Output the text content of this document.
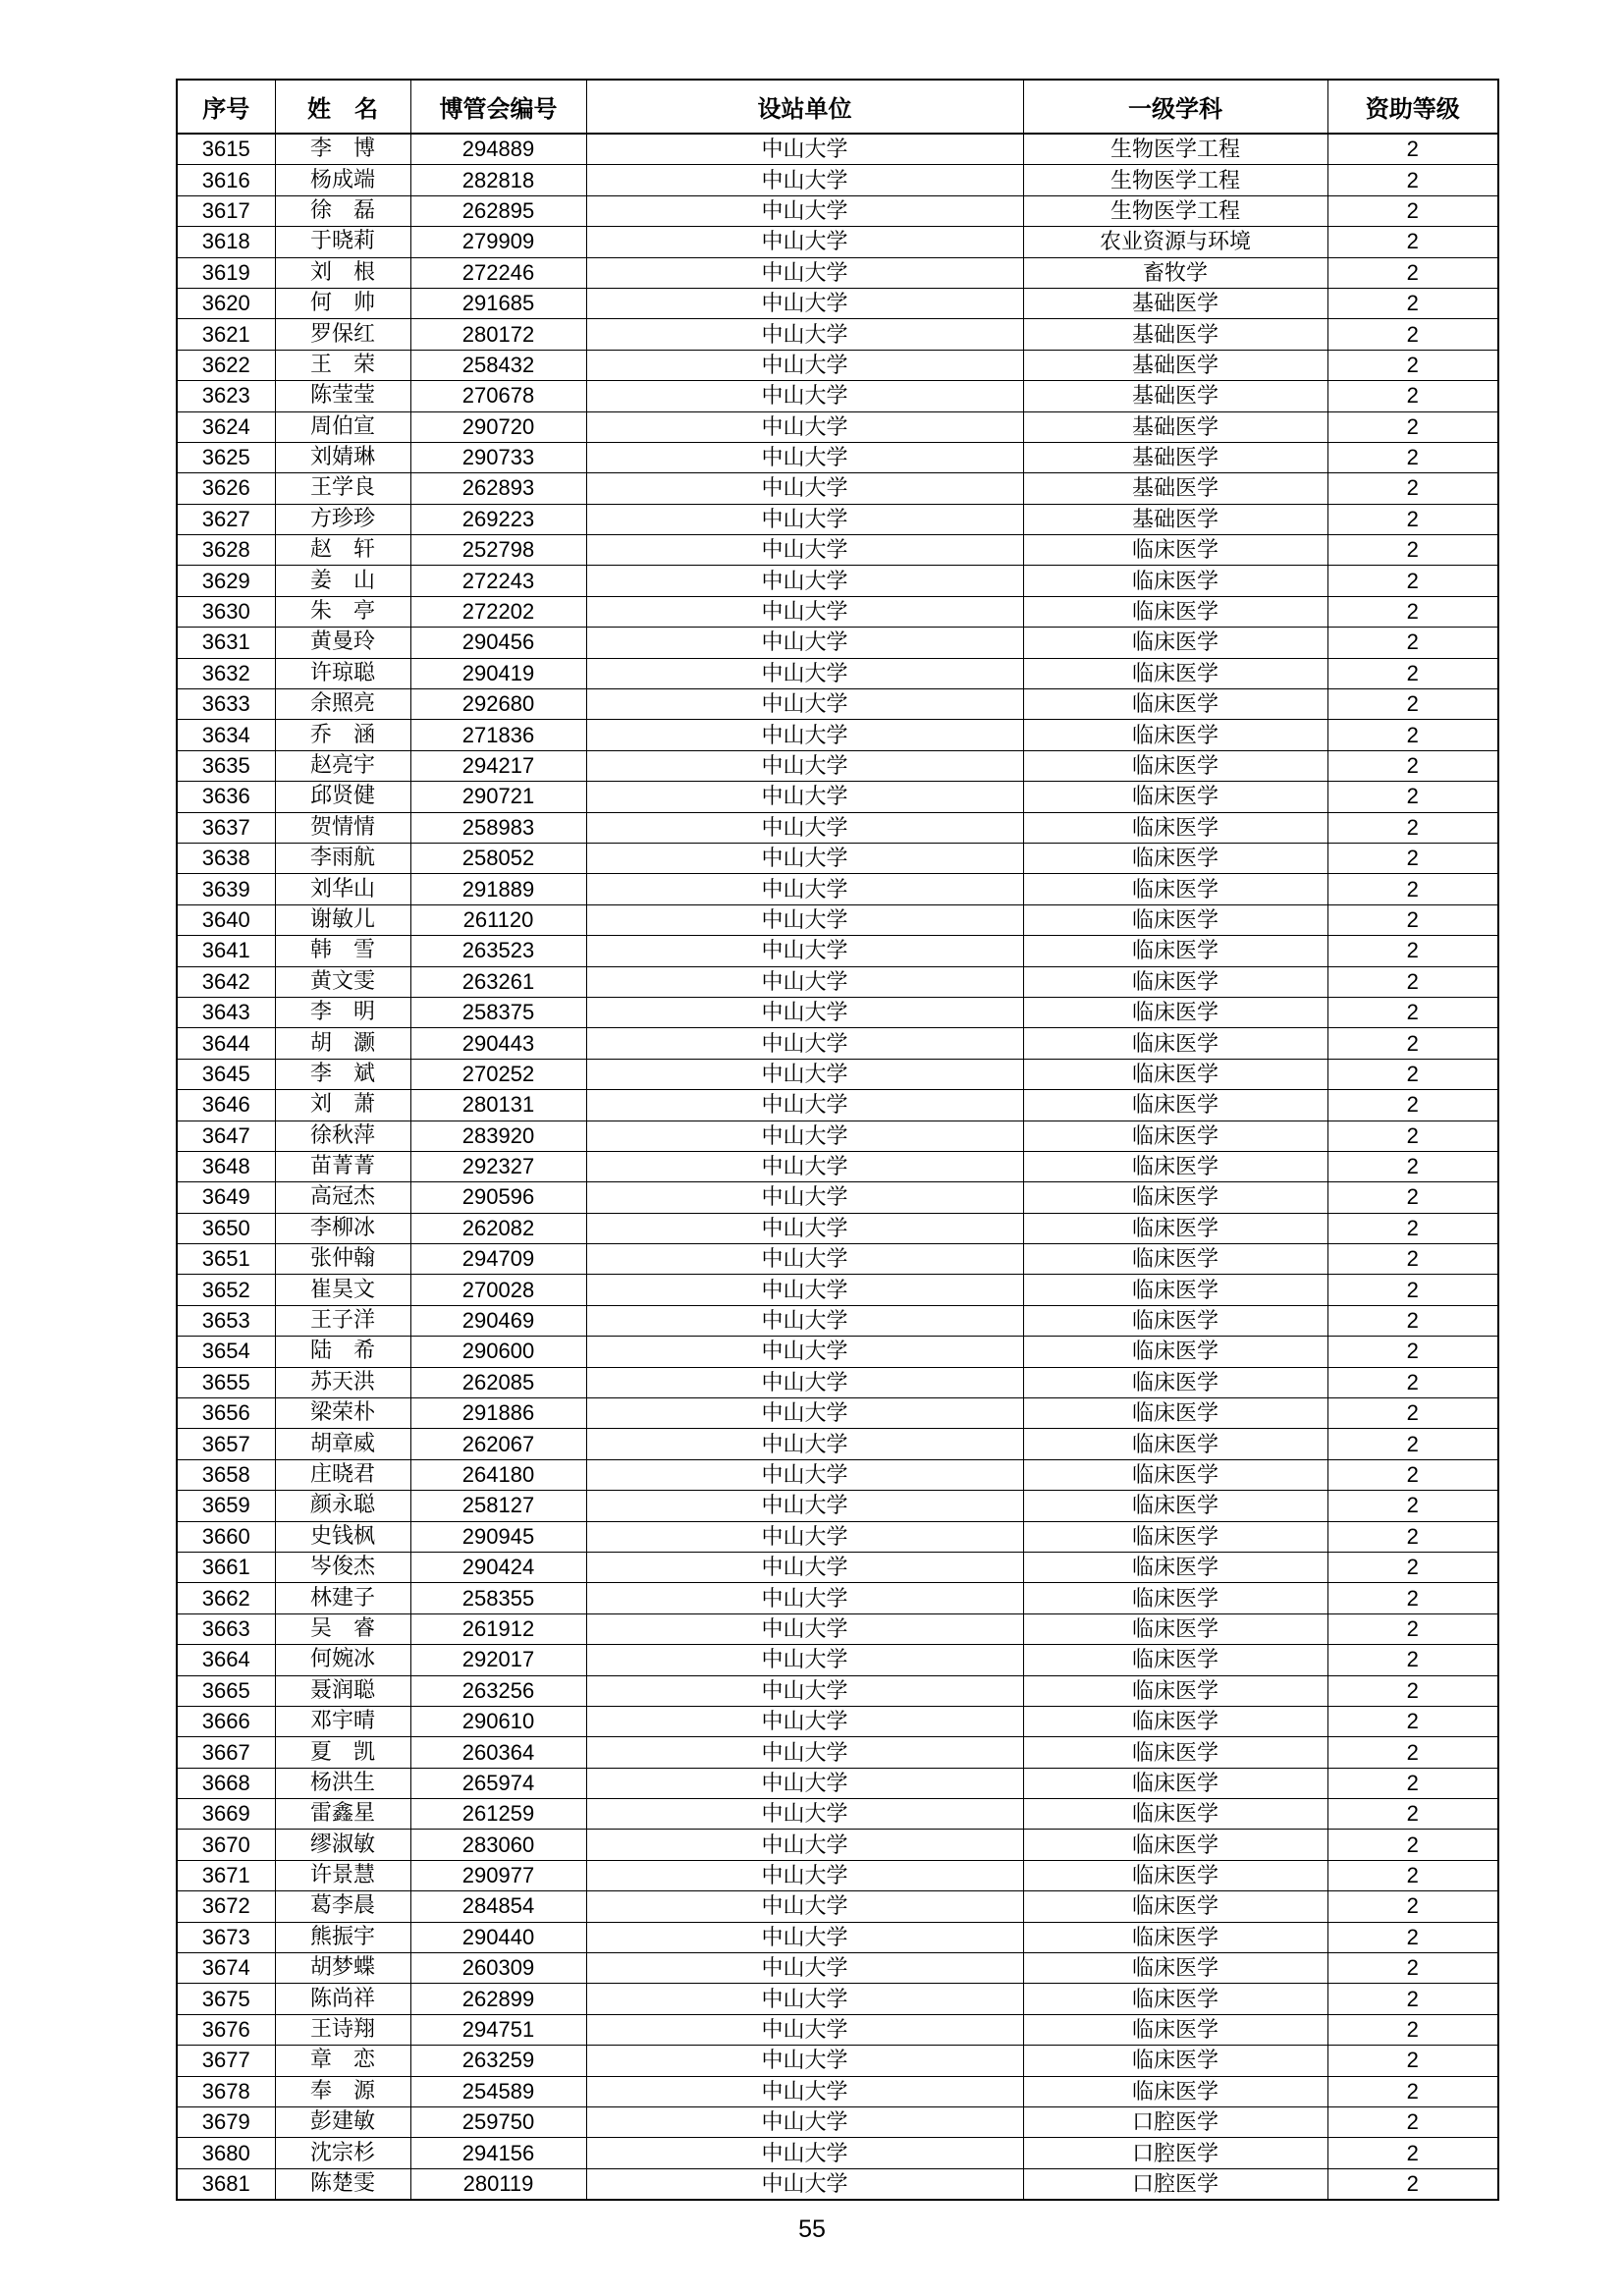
序号	姓　名	博管会编号	设站单位	一级学科	资助等级
3615	李　博	294889	中山大学	生物医学工程	2
3616	杨成端	282818	中山大学	生物医学工程	2
3617	徐　磊	262895	中山大学	生物医学工程	2
3618	于晓莉	279909	中山大学	农业资源与环境	2
3619	刘　根	272246	中山大学	畜牧学	2
3620	何　帅	291685	中山大学	基础医学	2
3621	罗保红	280172	中山大学	基础医学	2
3622	王　荣	258432	中山大学	基础医学	2
3623	陈莹莹	270678	中山大学	基础医学	2
3624	周伯宣	290720	中山大学	基础医学	2
3625	刘婧琳	290733	中山大学	基础医学	2
3626	王学良	262893	中山大学	基础医学	2
3627	方珍珍	269223	中山大学	基础医学	2
3628	赵　轩	252798	中山大学	临床医学	2
3629	姜　山	272243	中山大学	临床医学	2
3630	朱　亭	272202	中山大学	临床医学	2
3631	黄曼玲	290456	中山大学	临床医学	2
3632	许琼聪	290419	中山大学	临床医学	2
3633	余照亮	292680	中山大学	临床医学	2
3634	乔　涵	271836	中山大学	临床医学	2
3635	赵亮宇	294217	中山大学	临床医学	2
3636	邱贤健	290721	中山大学	临床医学	2
3637	贺情情	258983	中山大学	临床医学	2
3638	李雨航	258052	中山大学	临床医学	2
3639	刘华山	291889	中山大学	临床医学	2
3640	谢敏儿	261120	中山大学	临床医学	2
3641	韩　雪	263523	中山大学	临床医学	2
3642	黄文雯	263261	中山大学	临床医学	2
3643	李　明	258375	中山大学	临床医学	2
3644	胡　灏	290443	中山大学	临床医学	2
3645	李　斌	270252	中山大学	临床医学	2
3646	刘　萧	280131	中山大学	临床医学	2
3647	徐秋萍	283920	中山大学	临床医学	2
3648	苗菁菁	292327	中山大学	临床医学	2
3649	高冠杰	290596	中山大学	临床医学	2
3650	李柳冰	262082	中山大学	临床医学	2
3651	张仲翰	294709	中山大学	临床医学	2
3652	崔昊文	270028	中山大学	临床医学	2
3653	王子洋	290469	中山大学	临床医学	2
3654	陆　希	290600	中山大学	临床医学	2
3655	苏天洪	262085	中山大学	临床医学	2
3656	梁荣朴	291886	中山大学	临床医学	2
3657	胡章威	262067	中山大学	临床医学	2
3658	庄晓君	264180	中山大学	临床医学	2
3659	颜永聪	258127	中山大学	临床医学	2
3660	史钱枫	290945	中山大学	临床医学	2
3661	岑俊杰	290424	中山大学	临床医学	2
3662	林建子	258355	中山大学	临床医学	2
3663	吴　睿	261912	中山大学	临床医学	2
3664	何婉冰	292017	中山大学	临床医学	2
3665	聂润聪	263256	中山大学	临床医学	2
3666	邓宇晴	290610	中山大学	临床医学	2
3667	夏　凯	260364	中山大学	临床医学	2
3668	杨洪生	265974	中山大学	临床医学	2
3669	雷鑫星	261259	中山大学	临床医学	2
3670	缪淑敏	283060	中山大学	临床医学	2
3671	许景慧	290977	中山大学	临床医学	2
3672	葛李晨	284854	中山大学	临床医学	2
3673	熊振宇	290440	中山大学	临床医学	2
3674	胡梦蝶	260309	中山大学	临床医学	2
3675	陈尚祥	262899	中山大学	临床医学	2
3676	王诗翔	294751	中山大学	临床医学	2
3677	章　恋	263259	中山大学	临床医学	2
3678	奉　源	254589	中山大学	临床医学	2
3679	彭建敏	259750	中山大学	口腔医学	2
3680	沈宗杉	294156	中山大学	口腔医学	2
3681	陈楚雯	280119	中山大学	口腔医学	2
55
